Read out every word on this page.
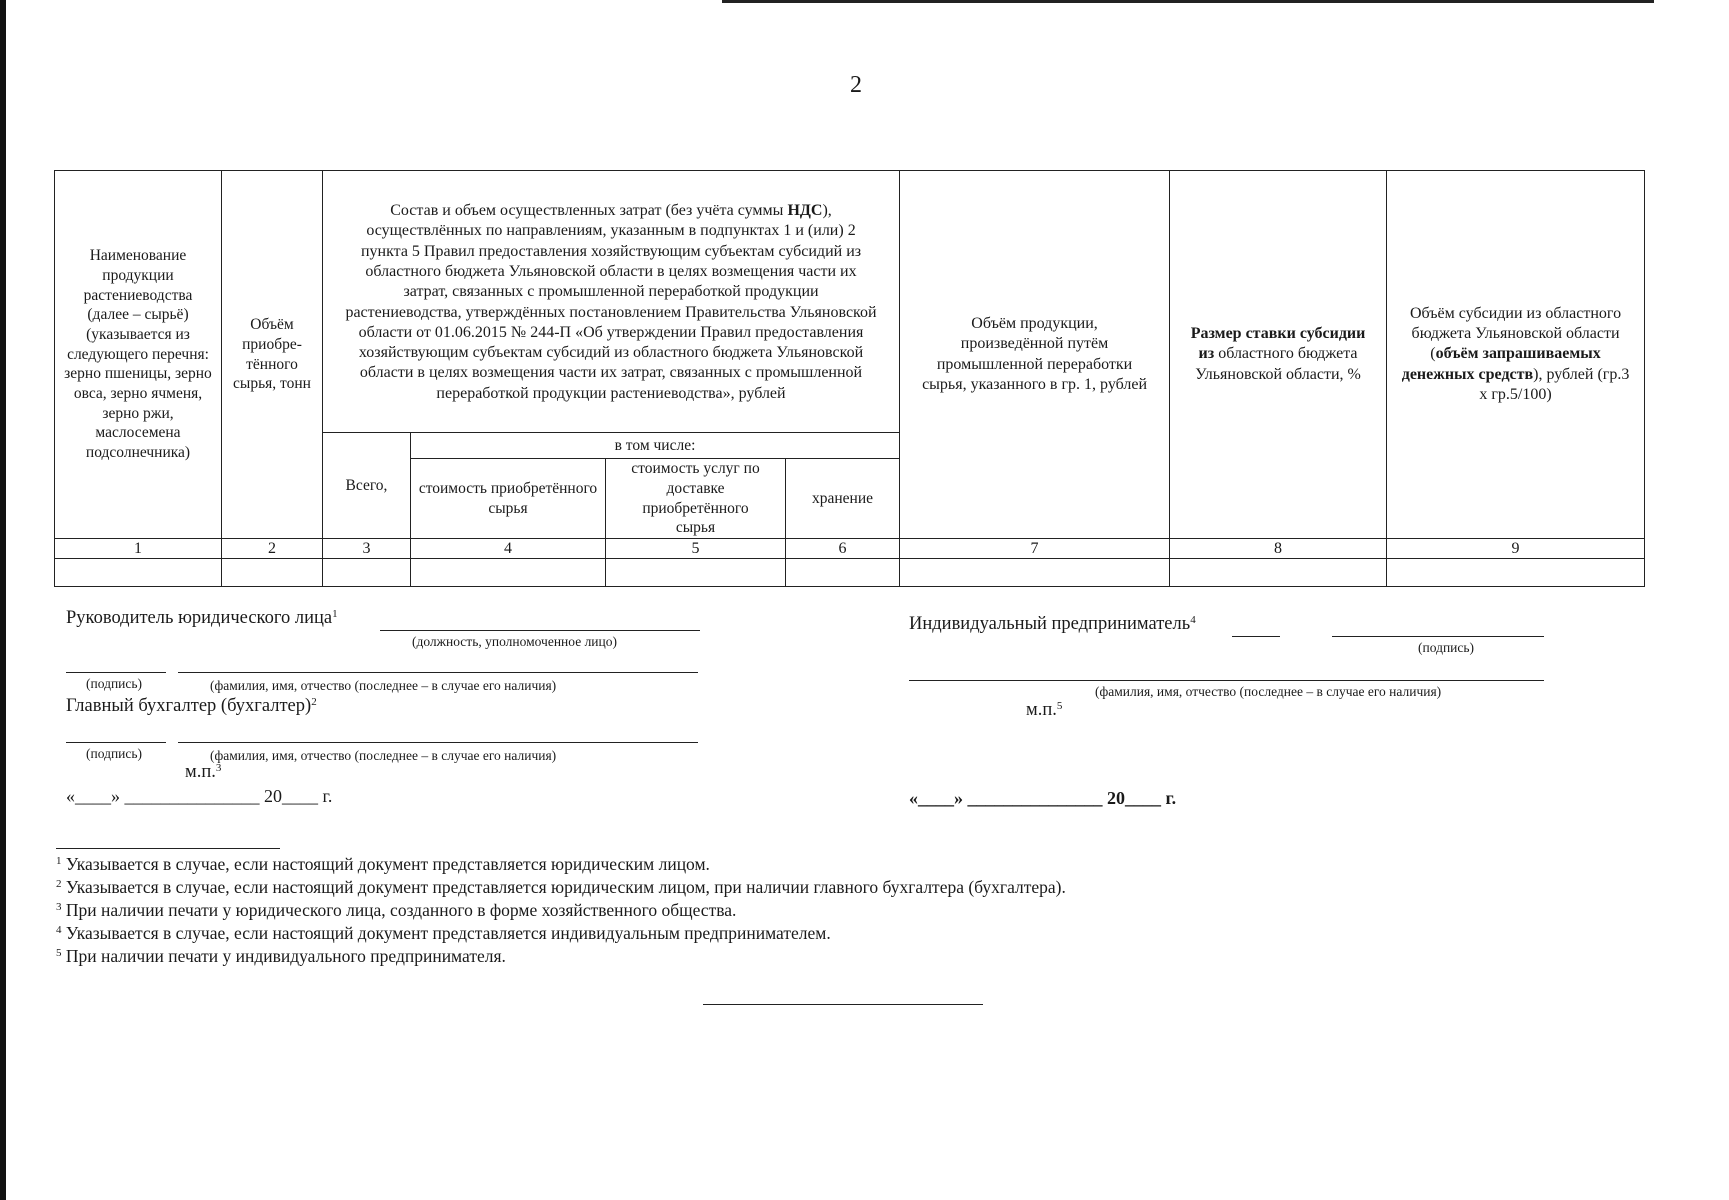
2
Наименование продукции растениеводства (далее – сырьё) (указывается из следующего перечня: зерно пшеницы, зерно овса, зерно ячменя, зерно ржи, маслосемена подсолнечника)	Объём приобре-тённого сырья, тонн	Состав и объем осуществленных затрат (без учёта суммы НДС), осуществлённых по направлениям, указанным в подпунктах 1 и (или) 2 пункта 5 Правил предоставления хозяйствующим субъектам субсидий из областного бюджета Ульяновской области в целях возмещения части их затрат, связанных с промышленной переработкой продукции растениеводства, утверждённых постановлением Правительства Ульяновской области от 01.06.2015 № 244-П «Об утверждении Правил предоставления хозяйствующим субъектам субсидий из областного бюджета Ульяновской области в целях возмещения части их затрат, связанных с промышленной переработкой продукции растениеводства», рублей				Объём продукции, произведённой путём промышленной переработки сырья, указанного в гр. 1, рублей	Размер ставки субсидии из областного бюджета Ульяновской области, %	Объём субсидии из областного бюджета Ульяновской области (объём запрашиваемых денежных средств), рублей (гр.3 х гр.5/100)
		Всего,	в том числе:					
			стоимость приобретённого сырья	стоимость услуг по доставке приобретённого сырья	хранение			
1	2	3	4	5	6	7	8	9

Руководитель юридического лица$^1$
(должность, уполномоченное лицо)
(подпись)	(фамилия, имя, отчество (последнее – в случае его наличия)
Главный бухгалтер (бухгалтер)$^2$
(подпись)	(фамилия, имя, отчество (последнее – в случае его наличия)
м.п.$^3$
«____» _______________ 20____ г.
Индивидуальный предприниматель$^4$
(подпись)
(фамилия, имя, отчество (последнее – в случае его наличия)
м.п.$^5$
«____» _______________ 20____ г.
$^1$ Указывается в случае, если настоящий документ представляется юридическим лицом.
$^2$ Указывается в случае, если настоящий документ представляется юридическим лицом, при наличии главного бухгалтера (бухгалтера).
$^3$ При наличии печати у юридического лица, созданного в форме хозяйственного общества.
$^4$ Указывается в случае, если настоящий документ представляется индивидуальным предпринимателем.
$^5$ При наличии печати у индивидуального предпринимателя.
